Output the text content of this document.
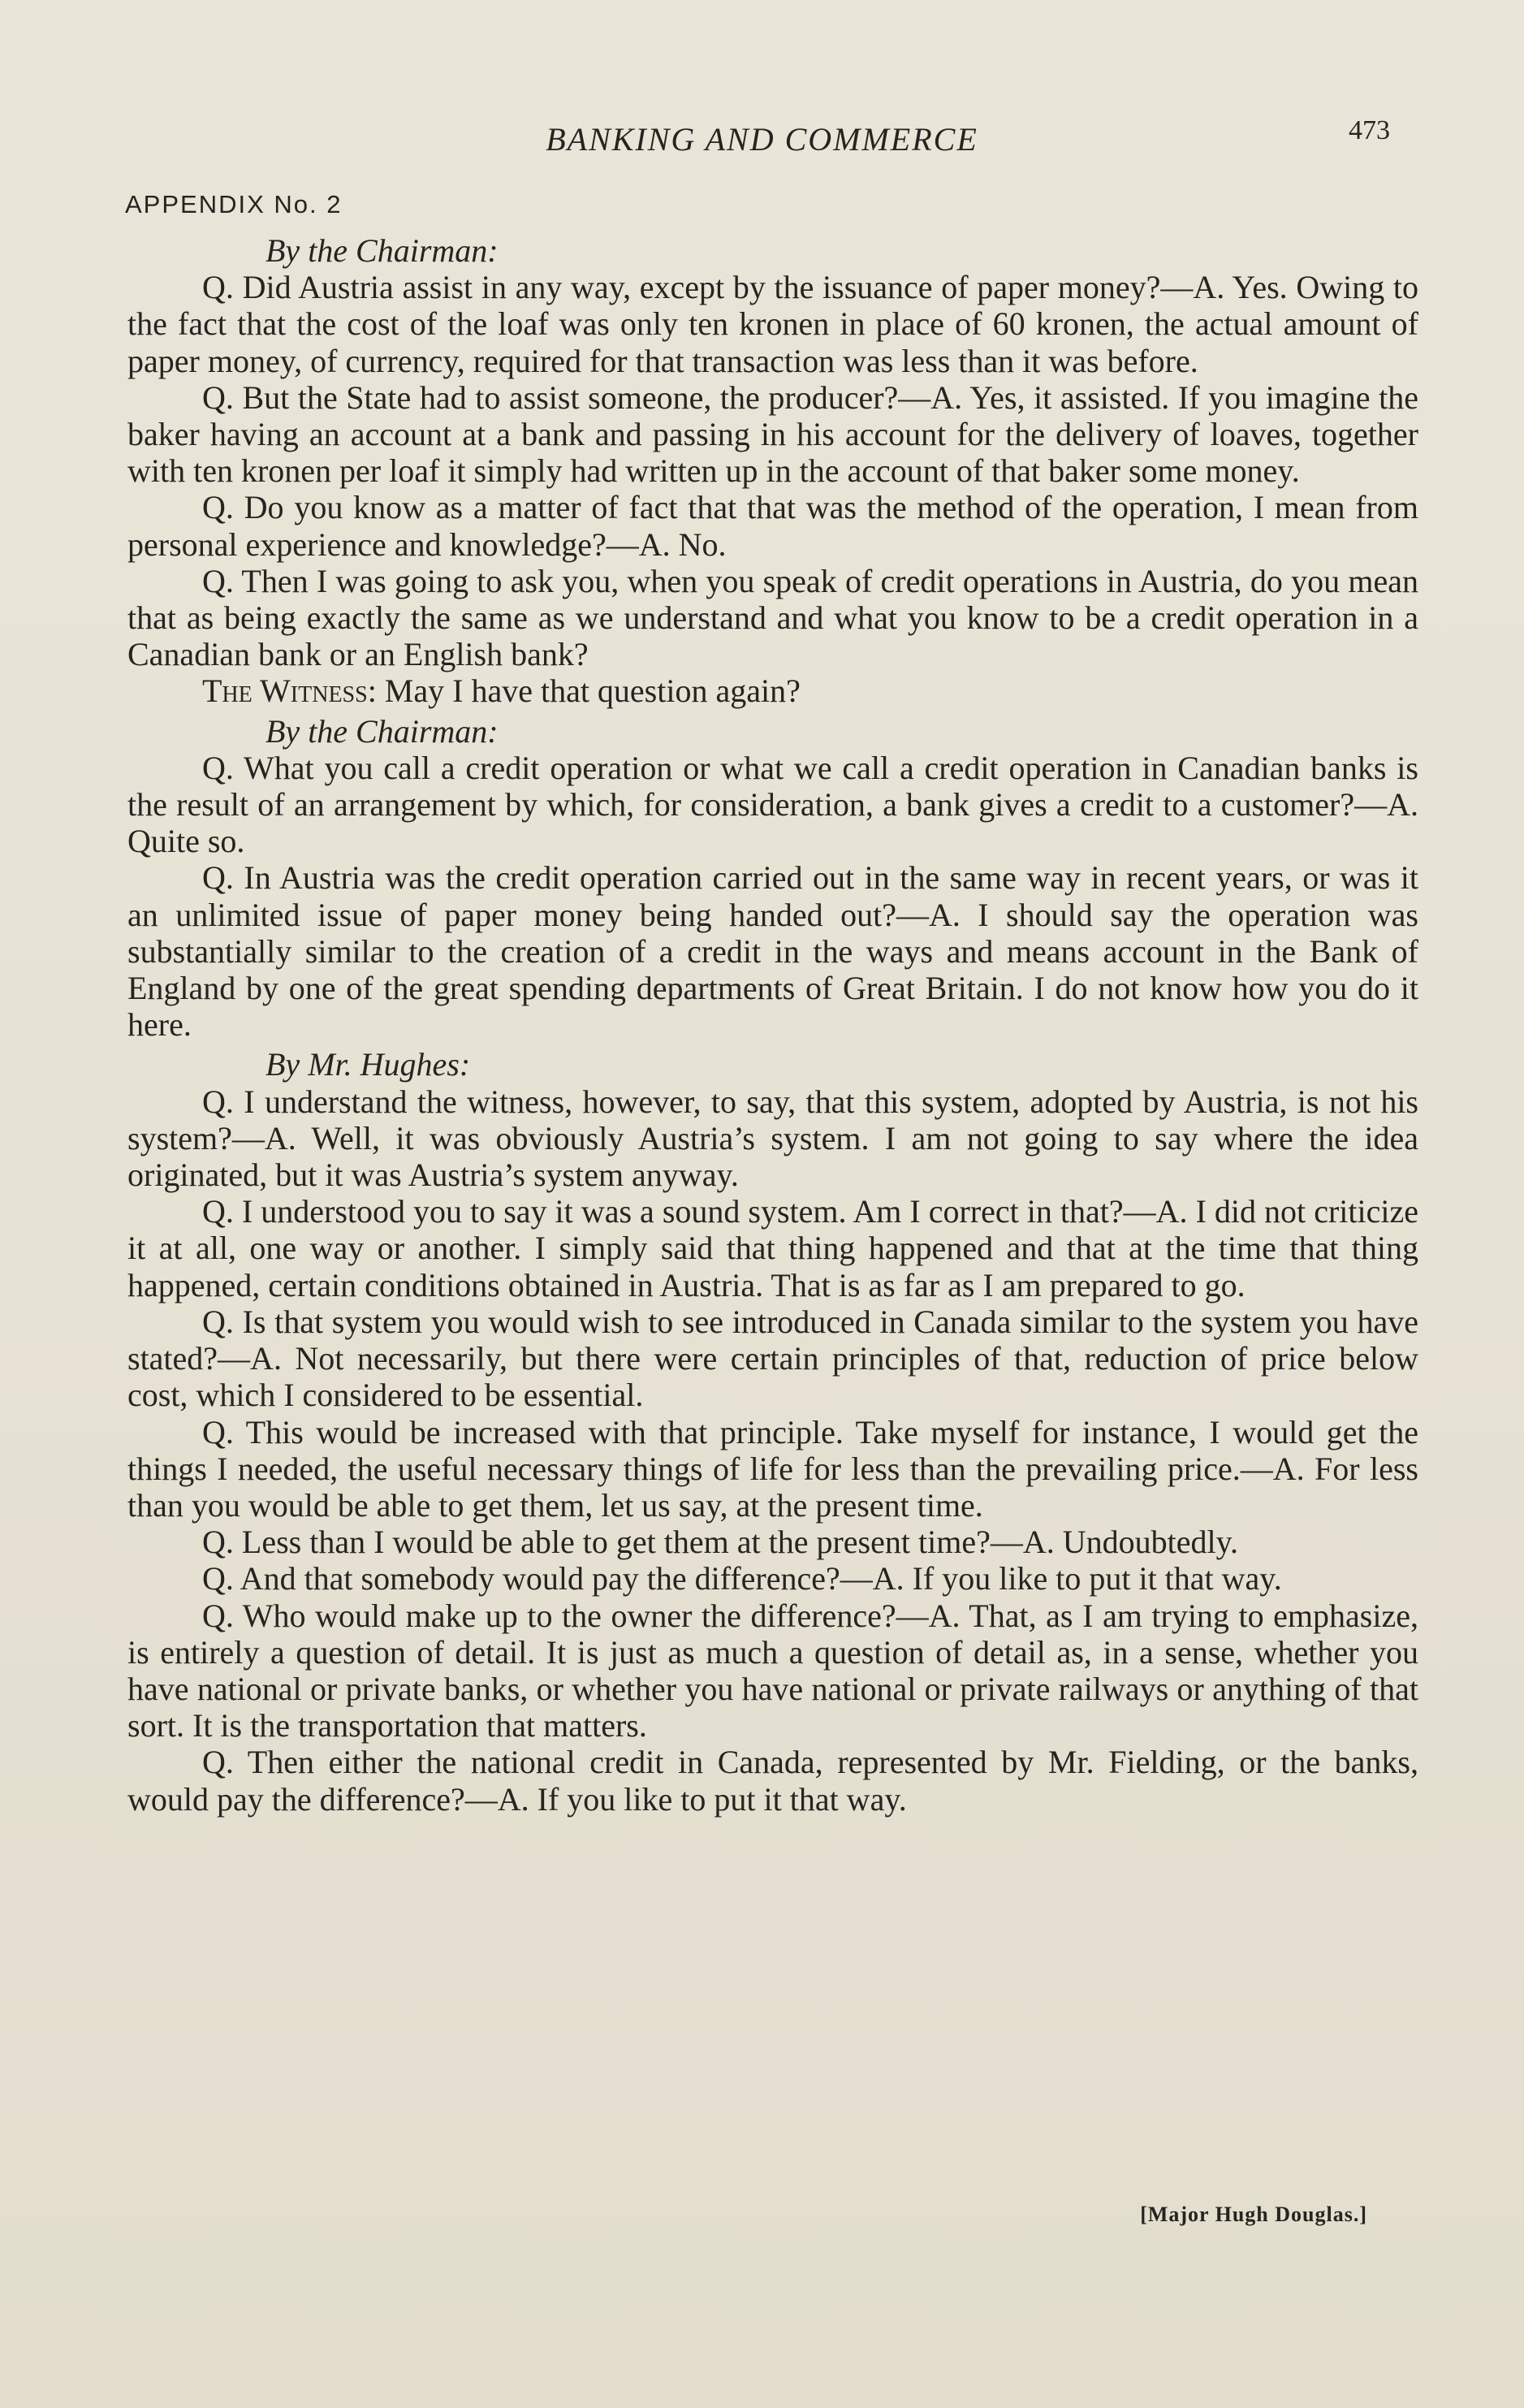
BANKING AND COMMERCE	473
APPENDIX No. 2

By the Chairman:

Q. Did Austria assist in any way, except by the issuance of paper money?—A. Yes. Owing to the fact that the cost of the loaf was only ten kronen in place of 60 kronen, the actual amount of paper money, of currency, required for that transaction was less than it was before.

Q. But the State had to assist someone, the producer?—A. Yes, it assisted. If you imagine the baker having an account at a bank and passing in his account for the delivery of loaves, together with ten kronen per loaf it simply had written up in the account of that baker some money.

Q. Do you know as a matter of fact that that was the method of the operation, I mean from personal experience and knowledge?—A. No.

Q. Then I was going to ask you, when you speak of credit operations in Austria, do you mean that as being exactly the same as we understand and what you know to be a credit operation in a Canadian bank or an English bank?

The Witness: May I have that question again?

By the Chairman:

Q. What you call a credit operation or what we call a credit operation in Canadian banks is the result of an arrangement by which, for consideration, a bank gives a credit to a customer?—A. Quite so.

Q. In Austria was the credit operation carried out in the same way in recent years, or was it an unlimited issue of paper money being handed out?—A. I should say the operation was substantially similar to the creation of a credit in the ways and means account in the Bank of England by one of the great spending departments of Great Britain. I do not know how you do it here.

By Mr. Hughes:

Q. I understand the witness, however, to say, that this system, adopted by Austria, is not his system?—A. Well, it was obviously Austria’s system. I am not going to say where the idea originated, but it was Austria’s system anyway.

Q. I understood you to say it was a sound system. Am I correct in that?—A. I did not criticize it at all, one way or another. I simply said that thing happened and that at the time that thing happened, certain conditions obtained in Austria. That is as far as I am prepared to go.

Q. Is that system you would wish to see introduced in Canada similar to the system you have stated?—A. Not necessarily, but there were certain principles of that, reduction of price below cost, which I considered to be essential.

Q. This would be increased with that principle. Take myself for instance, I would get the things I needed, the useful necessary things of life for less than the prevailing price.—A. For less than you would be able to get them, let us say, at the present time.

Q. Less than I would be able to get them at the present time?—A. Undoubtedly.

Q. And that somebody would pay the difference?—A. If you like to put it that way.

Q. Who would make up to the owner the difference?—A. That, as I am trying to emphasize, is entirely a question of detail. It is just as much a question of detail as, in a sense, whether you have national or private banks, or whether you have national or private railways or anything of that sort. It is the transportation that matters.

Q. Then either the national credit in Canada, represented by Mr. Fielding, or the banks, would pay the difference?—A. If you like to put it that way.

[Major Hugh Douglas.]
